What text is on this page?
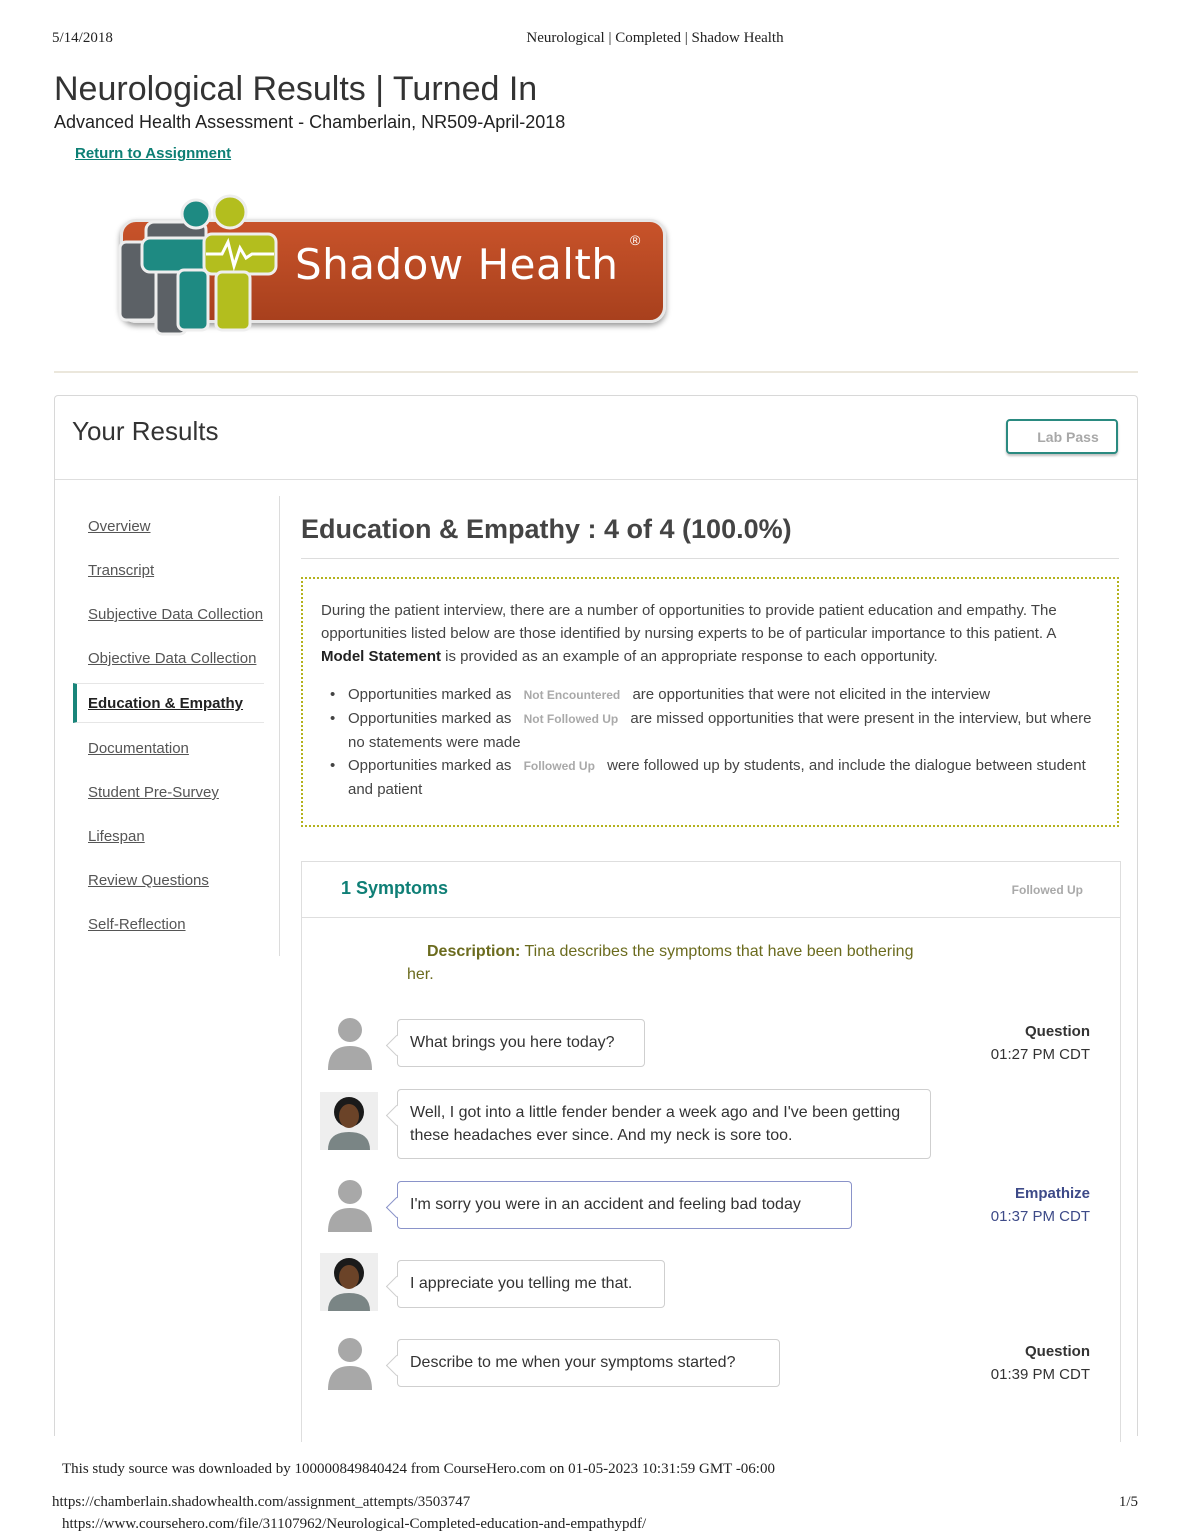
5/14/2018	Neurological | Completed | Shadow Health
Neurological Results | Turned In
Advanced Health Assessment - Chamberlain, NR509-April-2018
Return to Assignment
Shadow Health ®
Your Results	Lab Pass
Overview
Transcript
Subjective Data Collection
Objective Data Collection
Education & Empathy
Documentation
Student Pre-Survey
Lifespan
Review Questions
Self-Reflection
Education & Empathy : 4 of 4 (100.0%)
During the patient interview, there are a number of opportunities to provide patient education and empathy. The opportunities listed below are those identified by nursing experts to be of particular importance to this patient. A Model Statement is provided as an example of an appropriate response to each opportunity.
• Opportunities marked as Not Encountered are opportunities that were not elicited in the interview
• Opportunities marked as Not Followed Up are missed opportunities that were present in the interview, but where no statements were made
• Opportunities marked as Followed Up were followed up by students, and include the dialogue between student and patient
1 Symptoms	Followed Up
Description: Tina describes the symptoms that have been bothering her.
What brings you here today?
Question
01:27 PM CDT
Well, I got into a little fender bender a week ago and I've been getting these headaches ever since. And my neck is sore too.
I'm sorry you were in an accident and feeling bad today
Empathize
01:37 PM CDT
I appreciate you telling me that.
Describe to me when your symptoms started?
Question
01:39 PM CDT
This study source was downloaded by 100000849840424 from CourseHero.com on 01-05-2023 10:31:59 GMT -06:00
https://chamberlain.shadowhealth.com/assignment_attempts/3503747	1/5
https://www.coursehero.com/file/31107962/Neurological-Completed-education-and-empathypdf/
